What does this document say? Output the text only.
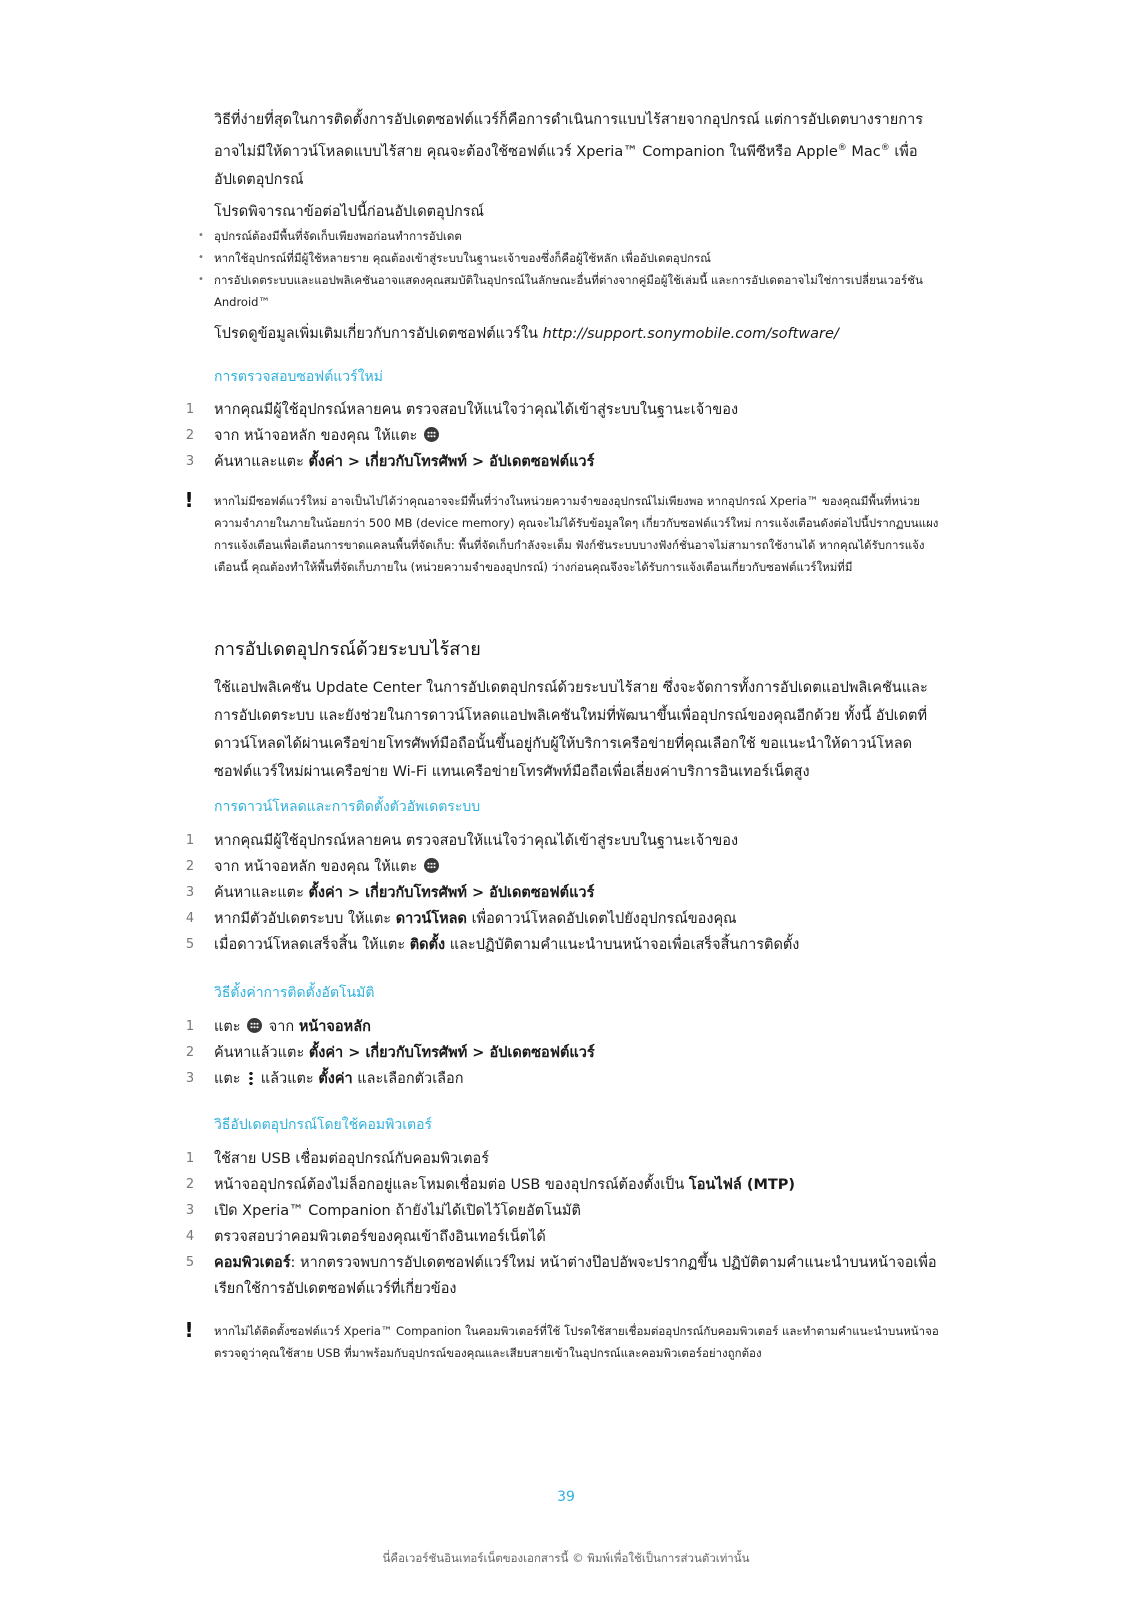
วิธีที่ง่ายที่สุดในการติดตั้งการอัปเดตซอฟต์แวร์ก็คือการดำเนินการแบบไร้สายจากอุปกรณ์ แต่การอัปเดตบางรายการอาจไม่มีให้ดาวน์โหลดแบบไร้สาย คุณจะต้องใช้ซอฟต์แวร์ Xperia™ Companion ในพีซีหรือ Apple® Mac® เพื่ออัปเดตอุปกรณ์

โปรดพิจารณาข้อต่อไปนี้ก่อนอัปเดตอุปกรณ์

• อุปกรณ์ต้องมีพื้นที่จัดเก็บเพียงพอก่อนทำการอัปเดต
• หากใช้อุปกรณ์ที่มีผู้ใช้หลายราย คุณต้องเข้าสู่ระบบในฐานะเจ้าของซึ่งก็คือผู้ใช้หลัก เพื่ออัปเดตอุปกรณ์
• การอัปเดตระบบและแอปพลิเคชันอาจแสดงคุณสมบัติในอุปกรณ์ในลักษณะอื่นที่ต่างจากคู่มือผู้ใช้เล่มนี้ และการอัปเดตอาจไม่ใช่การเปลี่ยนเวอร์ชัน Android™

โปรดดูข้อมูลเพิ่มเติมเกี่ยวกับการอัปเดตซอฟต์แวร์ใน http://support.sonymobile.com/software/

การตรวจสอบซอฟต์แวร์ใหม่
1	หากคุณมีผู้ใช้อุปกรณ์หลายคน ตรวจสอบให้แน่ใจว่าคุณได้เข้าสู่ระบบในฐานะเจ้าของ
2	จาก หน้าจอหลัก ของคุณ ให้แตะ
3	ค้นหาและแตะ ตั้งค่า > เกี่ยวกับโทรศัพท์ > อัปเดตซอฟต์แวร์
! หากไม่มีซอฟต์แวร์ใหม่ อาจเป็นไปได้ว่าคุณอาจจะมีพื้นที่ว่างในหน่วยความจำของอุปกรณ์ไม่เพียงพอ หากอุปกรณ์ Xperia™ ของคุณมีพื้นที่หน่วยความจำภายในภายในน้อยกว่า 500 MB (device memory) คุณจะไม่ได้รับข้อมูลใดๆ เกี่ยวกับซอฟต์แวร์ใหม่ การแจ้งเตือนดังต่อไปนี้ปรากฏบนแผงการแจ้งเตือนเพื่อเตือนการขาดแคลนพื้นที่จัดเก็บ: พื้นที่จัดเก็บกำลังจะเต็ม ฟังก์ชันระบบบางฟังก์ชั่นอาจไม่สามารถใช้งานได้ หากคุณได้รับการแจ้งเตือนนี้ คุณต้องทำให้พื้นที่จัดเก็บภายใน (หน่วยความจำของอุปกรณ์) ว่างก่อนคุณจึงจะได้รับการแจ้งเตือนเกี่ยวกับซอฟต์แวร์ใหม่ที่มี

การอัปเดตอุปกรณ์ด้วยระบบไร้สาย

ใช้แอปพลิเคชัน Update Center ในการอัปเดตอุปกรณ์ด้วยระบบไร้สาย ซึ่งจะจัดการทั้งการอัปเดตแอปพลิเคชันและการอัปเดตระบบ และยังช่วยในการดาวน์โหลดแอปพลิเคชันใหม่ที่พัฒนาขึ้นเพื่ออุปกรณ์ของคุณอีกด้วย ทั้งนี้ อัปเดตที่ดาวน์โหลดได้ผ่านเครือข่ายโทรศัพท์มือถือนั้นขึ้นอยู่กับผู้ให้บริการเครือข่ายที่คุณเลือกใช้ ขอแนะนำให้ดาวน์โหลดซอฟต์แวร์ใหม่ผ่านเครือข่าย Wi-Fi แทนเครือข่ายโทรศัพท์มือถือเพื่อเลี่ยงค่าบริการอินเทอร์เน็ตสูง

การดาวน์โหลดและการติดตั้งตัวอัพเดตระบบ
1	หากคุณมีผู้ใช้อุปกรณ์หลายคน ตรวจสอบให้แน่ใจว่าคุณได้เข้าสู่ระบบในฐานะเจ้าของ
2	จาก หน้าจอหลัก ของคุณ ให้แตะ
3	ค้นหาและแตะ ตั้งค่า > เกี่ยวกับโทรศัพท์ > อัปเดตซอฟต์แวร์
4	หากมีตัวอัปเดตระบบ ให้แตะ ดาวน์โหลด เพื่อดาวน์โหลดอัปเดตไปยังอุปกรณ์ของคุณ
5	เมื่อดาวน์โหลดเสร็จสิ้น ให้แตะ ติดตั้ง และปฏิบัติตามคำแนะนำบนหน้าจอเพื่อเสร็จสิ้นการติดตั้ง
วิธีตั้งค่าการติดตั้งอัตโนมัติ
1	แตะ  จาก หน้าจอหลัก
2	ค้นหาแล้วแตะ ตั้งค่า > เกี่ยวกับโทรศัพท์ > อัปเดตซอฟต์แวร์
3	แตะ  แล้วแตะ ตั้งค่า และเลือกตัวเลือก
วิธีอัปเดตอุปกรณ์โดยใช้คอมพิวเตอร์
1	ใช้สาย USB เชื่อมต่ออุปกรณ์กับคอมพิวเตอร์
2	หน้าจออุปกรณ์ต้องไม่ล็อกอยู่และโหมดเชื่อมต่อ USB ของอุปกรณ์ต้องตั้งเป็น โอนไฟล์ (MTP)
3	เปิด Xperia™ Companion ถ้ายังไม่ได้เปิดไว้โดยอัตโนมัติ
4	ตรวจสอบว่าคอมพิวเตอร์ของคุณเข้าถึงอินเทอร์เน็ตได้
5	คอมพิวเตอร์: หากตรวจพบการอัปเดตซอฟต์แวร์ใหม่ หน้าต่างป๊อปอัพจะปรากฏขึ้น ปฏิบัติตามคำแนะนำบนหน้าจอเพื่อเรียกใช้การอัปเดตซอฟต์แวร์ที่เกี่ยวข้อง
! หากไม่ได้ติดตั้งซอฟต์แวร์ Xperia™ Companion ในคอมพิวเตอร์ที่ใช้ โปรดใช้สายเชื่อมต่ออุปกรณ์กับคอมพิวเตอร์ และทำตามคำแนะนำบนหน้าจอ ตรวจดูว่าคุณใช้สาย USB ที่มาพร้อมกับอุปกรณ์ของคุณและเสียบสายเข้าในอุปกรณ์และคอมพิวเตอร์อย่างถูกต้อง

39
นี่คือเวอร์ชันอินเทอร์เน็ตของเอกสารนี้ © พิมพ์เพื่อใช้เป็นการส่วนตัวเท่านั้น
